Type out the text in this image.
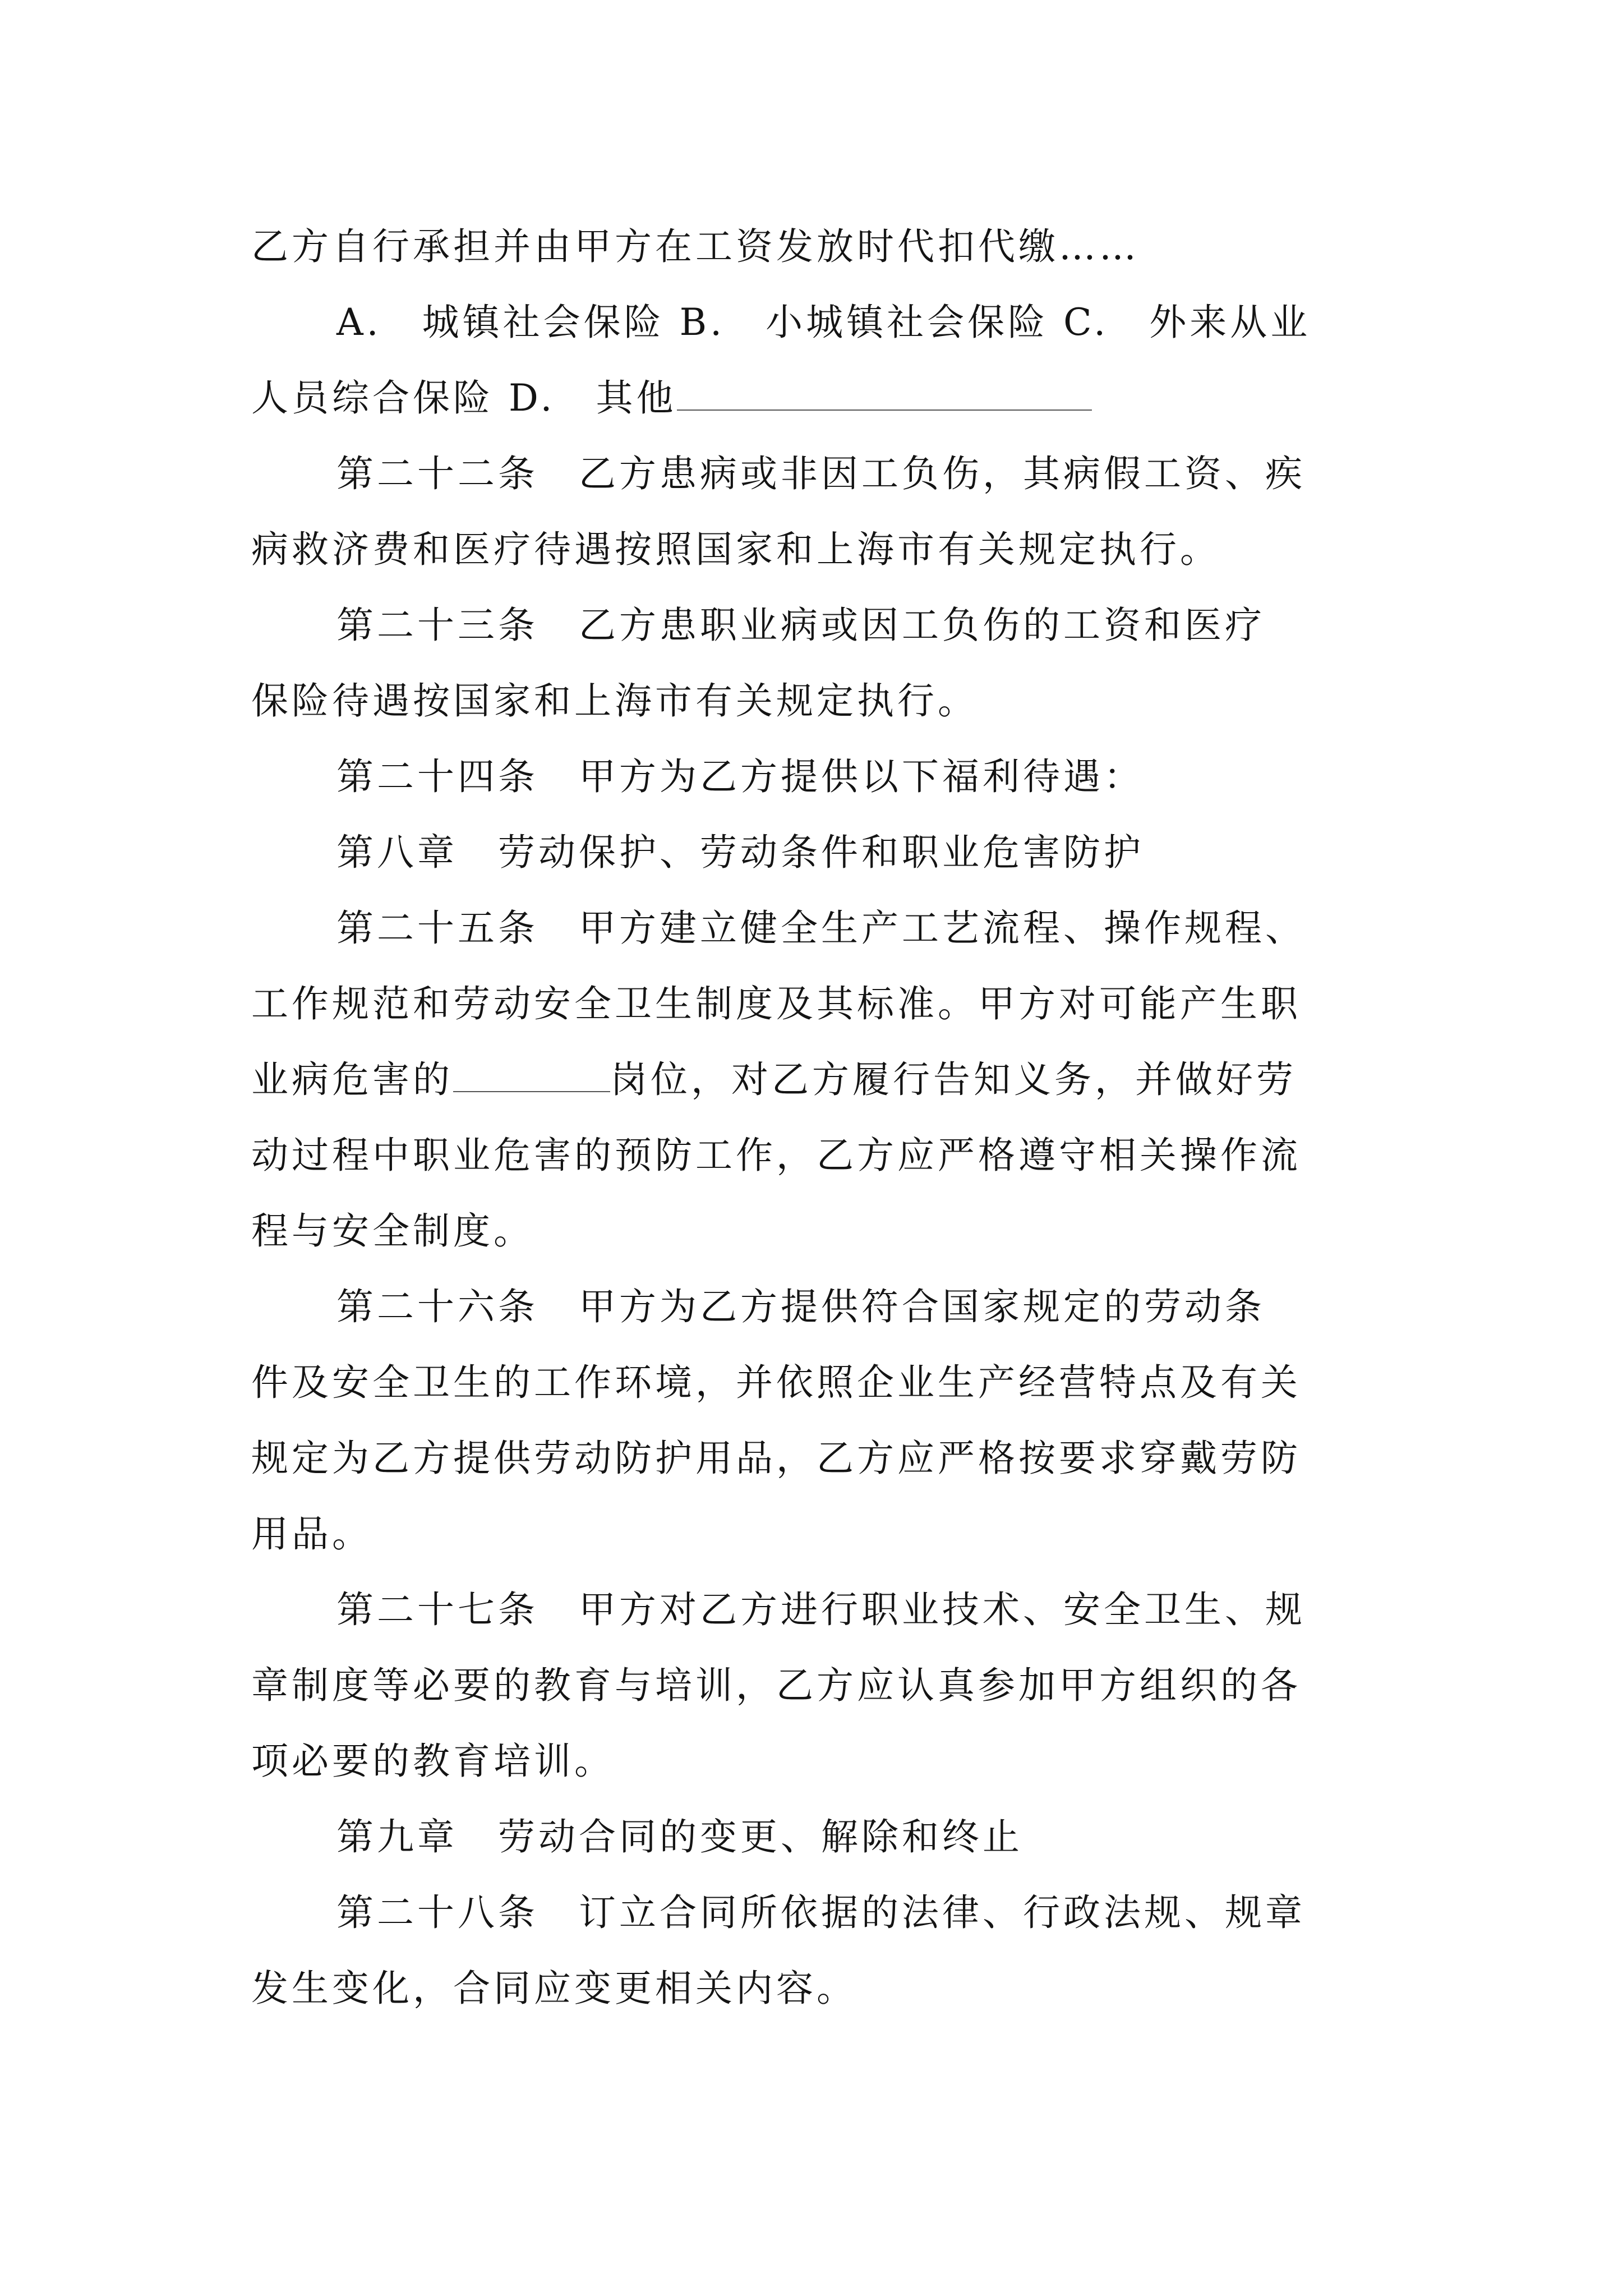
乙方自行承担并由甲方在工资发放时代扣代缴……
A.　城镇社会保险 B.　小城镇社会保险 C.　外来从业
人员综合保险 D.　其他
第二十二条　乙方患病或非因工负伤，其病假工资、疾
病救济费和医疗待遇按照国家和上海市有关规定执行。
第二十三条　乙方患职业病或因工负伤的工资和医疗
保险待遇按国家和上海市有关规定执行。
第二十四条　甲方为乙方提供以下福利待遇：
第八章　劳动保护、劳动条件和职业危害防护
第二十五条　甲方建立健全生产工艺流程、操作规程、
工作规范和劳动安全卫生制度及其标准。甲方对可能产生职
业病危害的	岗位，对乙方履行告知义务，并做好劳
动过程中职业危害的预防工作，乙方应严格遵守相关操作流
程与安全制度。
第二十六条　甲方为乙方提供符合国家规定的劳动条
件及安全卫生的工作环境，并依照企业生产经营特点及有关
规定为乙方提供劳动防护用品，乙方应严格按要求穿戴劳防
用品。
第二十七条　甲方对乙方进行职业技术、安全卫生、规
章制度等必要的教育与培训，乙方应认真参加甲方组织的各
项必要的教育培训。
第九章　劳动合同的变更、解除和终止
第二十八条　订立合同所依据的法律、行政法规、规章
发生变化，合同应变更相关内容。
